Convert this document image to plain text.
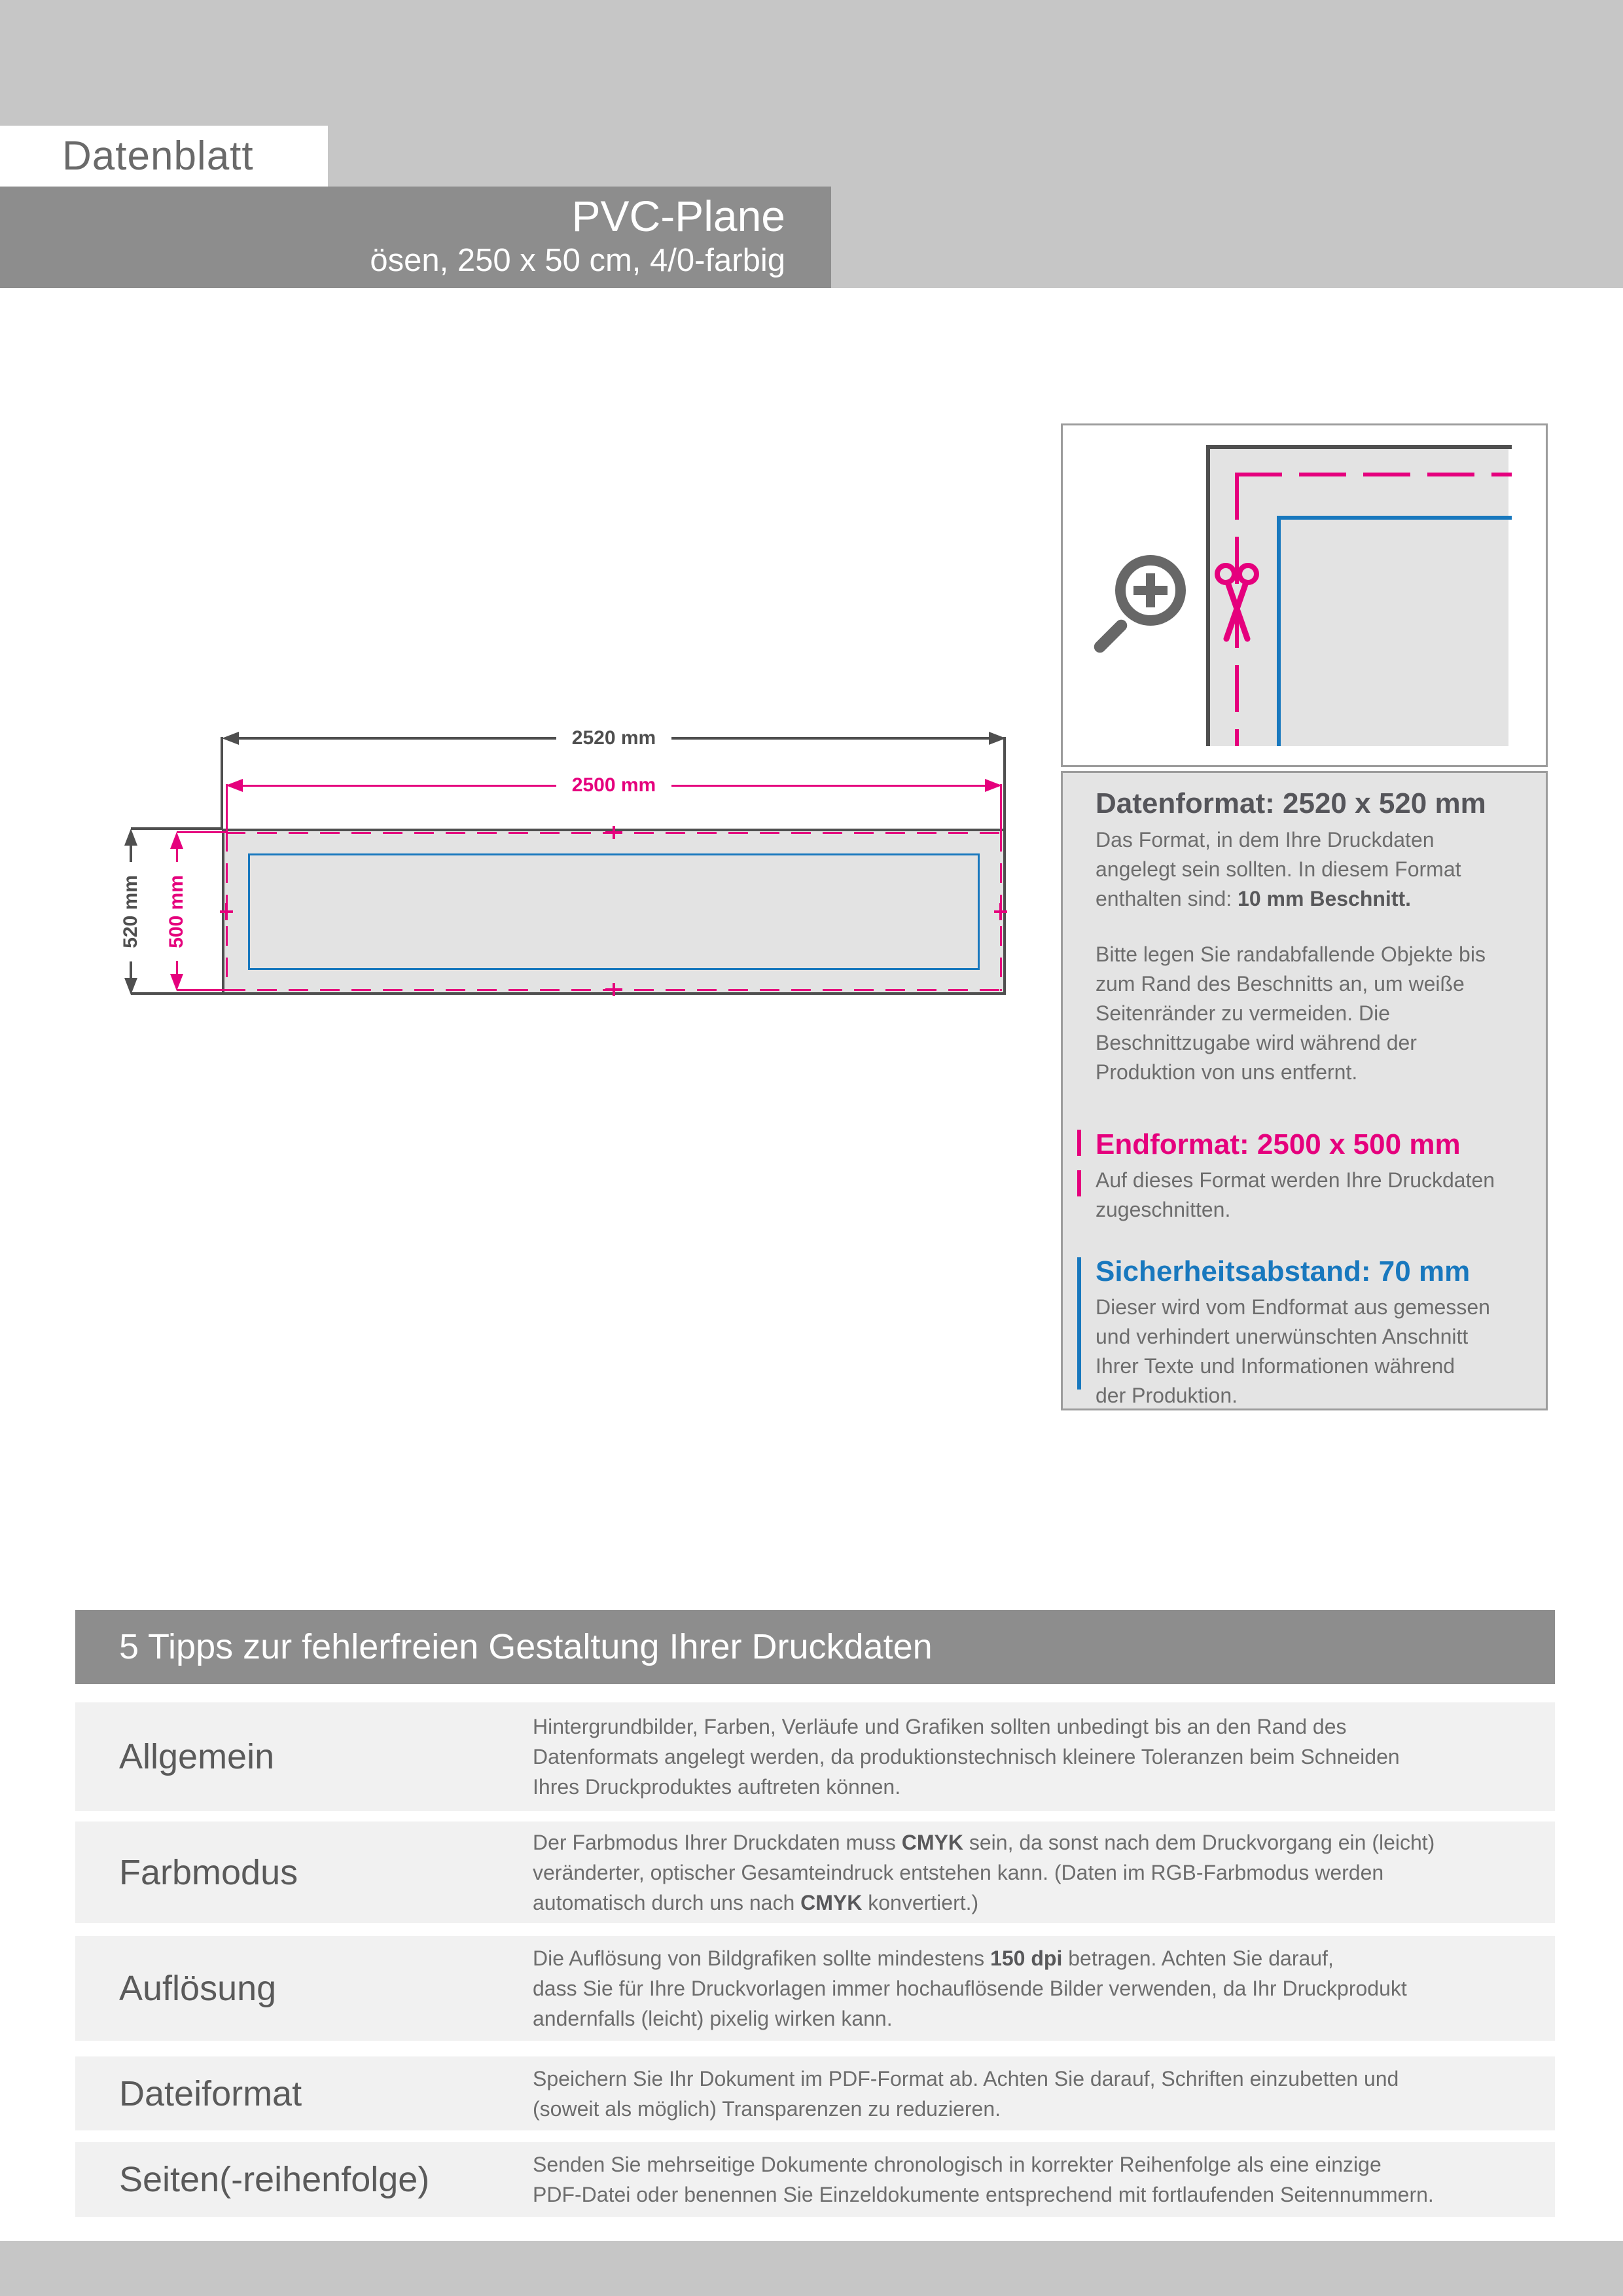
Datenblatt
PVC-Plane
ösen, 250 x 50 cm, 4/0-farbig
2520 mm
2500 mm
520 mm 500 mm
Datenformat: 2520 x 520 mm
Das Format, in dem Ihre Druckdaten
angelegt sein sollten. In diesem Format
enthalten sind: 10 mm Beschnitt.
Bitte legen Sie randabfallende Objekte bis
zum Rand des Beschnitts an, um weiße
Seitenränder zu vermeiden. Die
Beschnittzugabe wird während der
Produktion von uns entfernt.
Endformat: 2500 x 500 mm
Auf dieses Format werden Ihre Druckdaten
zugeschnitten.
Sicherheitsabstand: 70 mm
Dieser wird vom Endformat aus gemessen
und verhindert unerwünschten Anschnitt
Ihrer Texte und Informationen während
der Produktion.
5 Tipps zur fehlerfreien Gestaltung Ihrer Druckdaten
Allgemein
Hintergrundbilder, Farben, Verläufe und Grafiken sollten unbedingt bis an den Rand des
Datenformats angelegt werden, da produktionstechnisch kleinere Toleranzen beim Schneiden
Ihres Druckproduktes auftreten können.
Farbmodus
Der Farbmodus Ihrer Druckdaten muss CMYK sein, da sonst nach dem Druckvorgang ein (leicht)
veränderter, optischer Gesamteindruck entstehen kann. (Daten im RGB-Farbmodus werden
automatisch durch uns nach CMYK konvertiert.)
Auflösung
Die Auflösung von Bildgrafiken sollte mindestens 150 dpi betragen. Achten Sie darauf,
dass Sie für Ihre Druckvorlagen immer hochauflösende Bilder verwenden, da Ihr Druckprodukt
andernfalls (leicht) pixelig wirken kann.
Dateiformat	Speichern Sie Ihr Dokument im PDF-Format ab. Achten Sie darauf, Schriften einzubetten und
(soweit als möglich) Transparenzen zu reduzieren.
Seiten(-reihenfolge)	Senden Sie mehrseitige Dokumente chronologisch in korrekter Reihenfolge als eine einzige
PDF-Datei oder benennen Sie Einzeldokumente entsprechend mit fortlaufenden Seitennummern.
